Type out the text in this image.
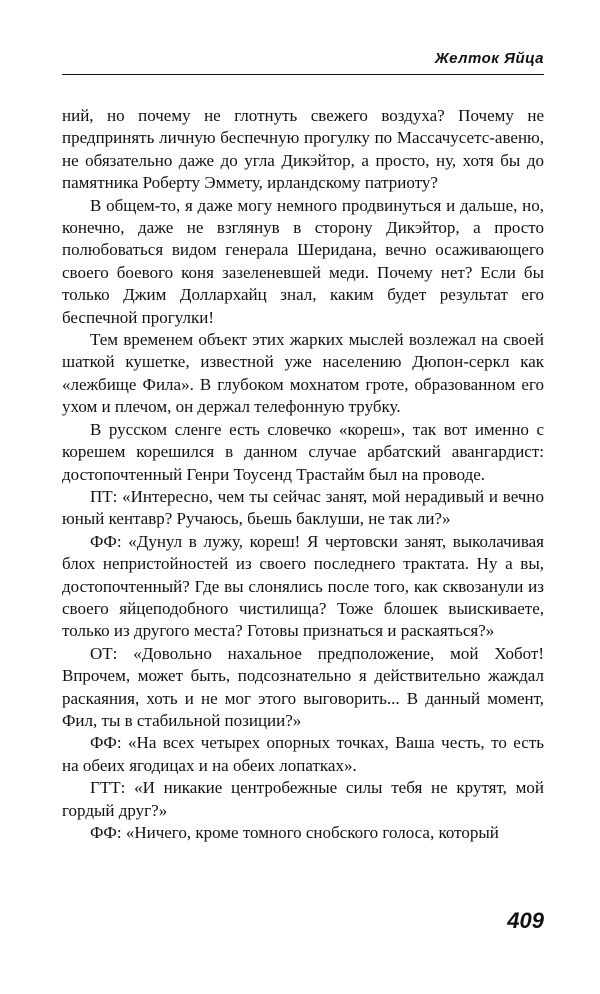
Желток Яйца

ний, но почему не глотнуть свежего воздуха? Почему не предпринять личную беспечную прогулку по Массачусетс-авеню, не обязательно даже до угла Дикэйтор, а просто, ну, хотя бы до памятника Роберту Эммету, ирландскому патриоту?

В общем-то, я даже могу немного продвинуться и дальше, но, конечно, даже не взглянув в сторону Дикэйтор, а просто полюбоваться видом генерала Шеридана, вечно осаживающего своего боевого коня зазеленевшей меди. Почему нет? Если бы только Джим Доллархайц знал, каким будет результат его беспечной прогулки!

Тем временем объект этих жарких мыслей возлежал на своей шаткой кушетке, известной уже населению Дюпон-серкл как «лежбище Фила». В глубоком мохнатом гроте, образованном его ухом и плечом, он держал телефонную трубку.

В русском сленге есть словечко «кореш», так вот именно с корешем корешился в данном случае арбатский авангардист: достопочтенный Генри Тоусенд Трастайм был на проводе.

ПТ: «Интересно, чем ты сейчас занят, мой нерадивый и вечно юный кентавр? Ручаюсь, бьешь баклуши, не так ли?»

ФФ: «Дунул в лужу, кореш! Я чертовски занят, выколачивая блох непристойностей из своего последнего трактата. Ну а вы, достопочтенный? Где вы слонялись после того, как сквозанули из своего яйцеподобного чистилища? Тоже блошек выискиваете, только из другого места? Готовы признаться и раскаяться?»

ОТ: «Довольно нахальное предположение, мой Хобот! Впрочем, может быть, подсознательно я действительно жаждал раскаяния, хоть и не мог этого выговорить... В данный момент, Фил, ты в стабильной позиции?»

ФФ: «На всех четырех опорных точках, Ваша честь, то есть на обеих ягодицах и на обеих лопатках».

ГТТ: «И никакие центробежные силы тебя не крутят, мой гордый друг?»

ФФ: «Ничего, кроме томного снобского голоса, который

409
